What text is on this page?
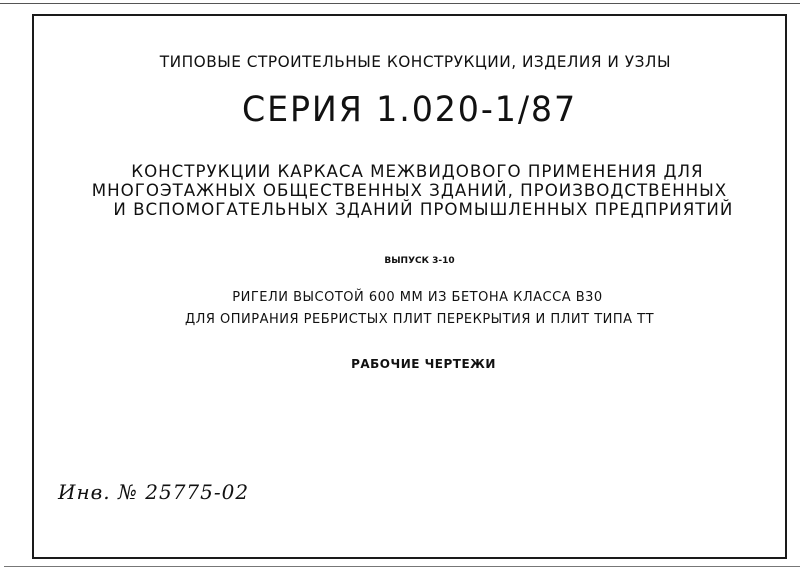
ТИПОВЫЕ СТРОИТЕЛЬНЫЕ КОНСТРУКЦИИ, ИЗДЕЛИЯ И УЗЛЫ
СЕРИЯ 1.020-1/87
КОНСТРУКЦИИ КАРКАСА МЕЖВИДОВОГО ПРИМЕНЕНИЯ ДЛЯ
МНОГОЭТАЖНЫХ ОБЩЕСТВЕННЫХ ЗДАНИЙ, ПРОИЗВОДСТВЕННЫХ
И ВСПОМОГАТЕЛЬНЫХ ЗДАНИЙ ПРОМЫШЛЕННЫХ ПРЕДПРИЯТИЙ
ВЫПУСК 3-10
РИГЕЛИ ВЫСОТОЙ 600 ММ ИЗ БЕТОНА КЛАССА В30
ДЛЯ ОПИРАНИЯ РЕБРИСТЫХ ПЛИТ ПЕРЕКРЫТИЯ И ПЛИТ ТИПА ТТ
РАБОЧИЕ ЧЕРТЕЖИ
Инв. № 25775-02
